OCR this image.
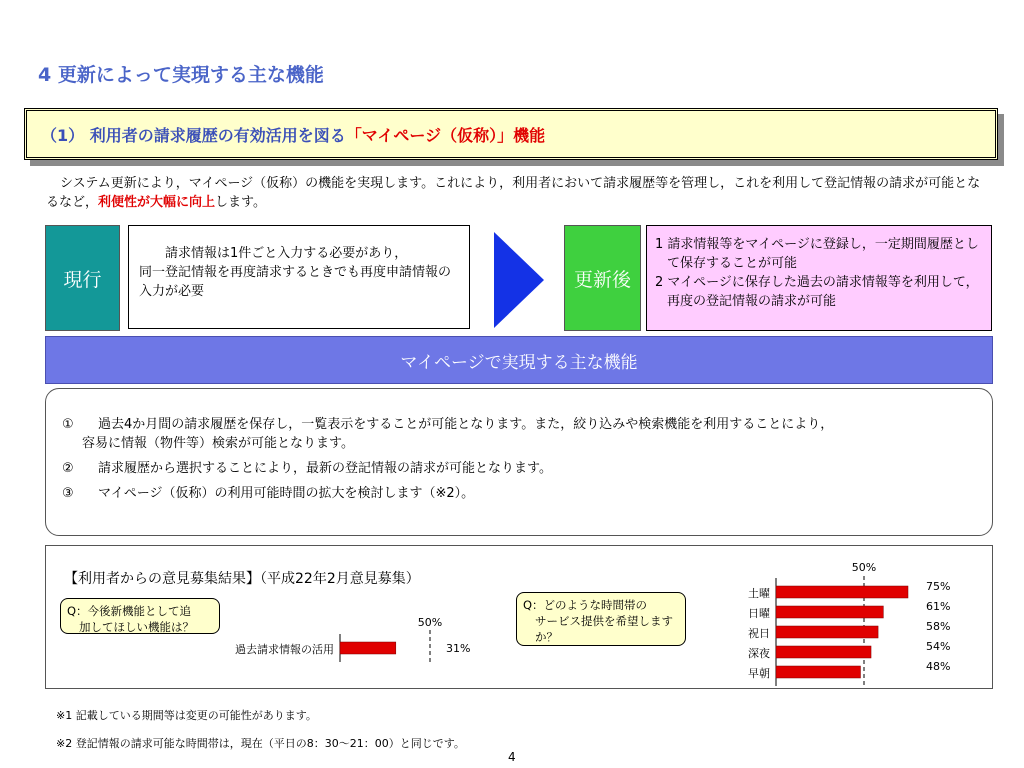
4 更新によって実現する主な機能
（1） 利用者の請求履歴の有効活用を図る「マイページ（仮称）」機能
システム更新により，マイページ（仮称）の機能を実現します。これにより，利用者において請求履歴等を管理し，これを利用して登記情報の請求が可能となるなど，利便性が大幅に向上します。
現行
請求情報は1件ごと入力する必要があり，
同一登記情報を再度請求するときでも再度申請情報の入力が必要
更新後
1 請求情報等をマイページに登録し，一定期間履歴として保存することが可能
2 マイページに保存した過去の請求情報等を利用して，再度の登記情報の請求が可能
マイページで実現する主な機能
① 過去4か月間の請求履歴を保存し，一覧表示をすることが可能となります。また，絞り込みや検索機能を利用することにより，
容易に情報（物件等）検索が可能となります。
② 請求履歴から選択することにより，最新の登記情報の請求が可能となります。
③ マイページ（仮称）の利用可能時間の拡大を検討します（※2）。
【利用者からの意見募集結果】（平成22年2月意見募集）
50%
過去請求情報の活用	31%
50%
土曜
75%
日曜
61%
祝日
58%
深夜
54%
早朝
48%
Q：今後新機能として追
加してほしい機能は？
Q：どのような時間帯の
サービス提供を希望しますか？
※1 記載している期間等は変更の可能性があります。
※2 登記情報の請求可能な時間帯は，現在（平日の8：30～21：00）と同じです。
4
